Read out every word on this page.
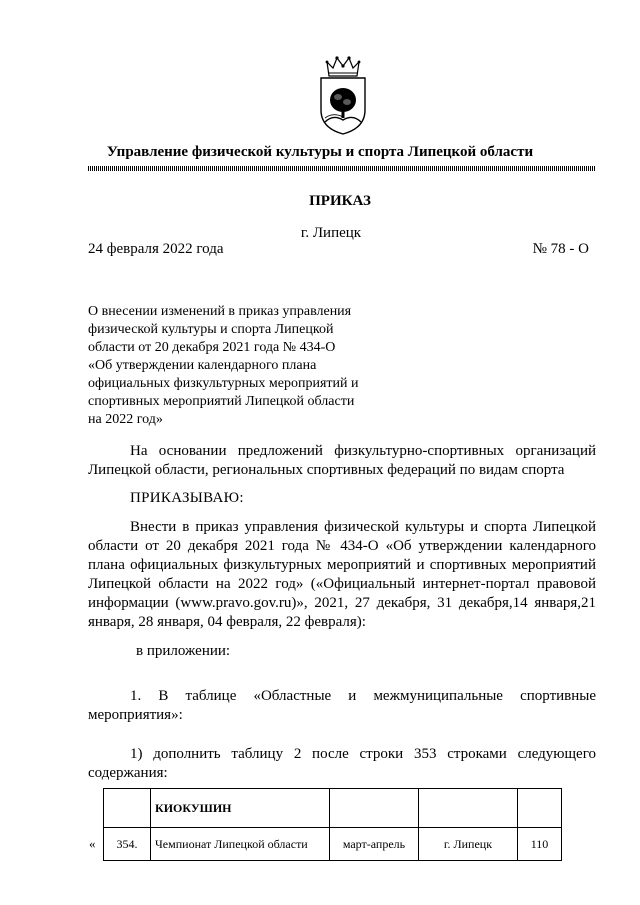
Управление физической культуры и спорта Липецкой области
ПРИКАЗ
г. Липецк
24 февраля 2022 года	№ 78 - О
О внесении изменений в приказ управления
физической культуры и спорта Липецкой
области от 20 декабря 2021 года № 434-О
«Об утверждении календарного плана
официальных физкультурных мероприятий и
спортивных мероприятий Липецкой области
на 2022 год»
На основании предложений физкультурно-спортивных организаций Липецкой области, региональных спортивных федераций по видам спорта
ПРИКАЗЫВАЮ:
Внести в приказ управления физической культуры и спорта Липецкой области от 20 декабря 2021 года № 434-О «Об утверждении календарного плана официальных физкультурных мероприятий и спортивных мероприятий Липецкой области на 2022 год» («Официальный интернет-портал правовой информации (www.pravo.gov.ru)», 2021, 27 декабря, 31 декабря,14 января,21 января, 28 января, 04 февраля, 22 февраля):
в приложении:
1. В таблице «Областные и межмуниципальные спортивные мероприятия»:
1) дополнить таблицу 2 после строки 353 строками следующего содержания:
«
	КИОКУШИН			
354.	Чемпионат Липецкой области	март-апрель	г. Липецк	110
